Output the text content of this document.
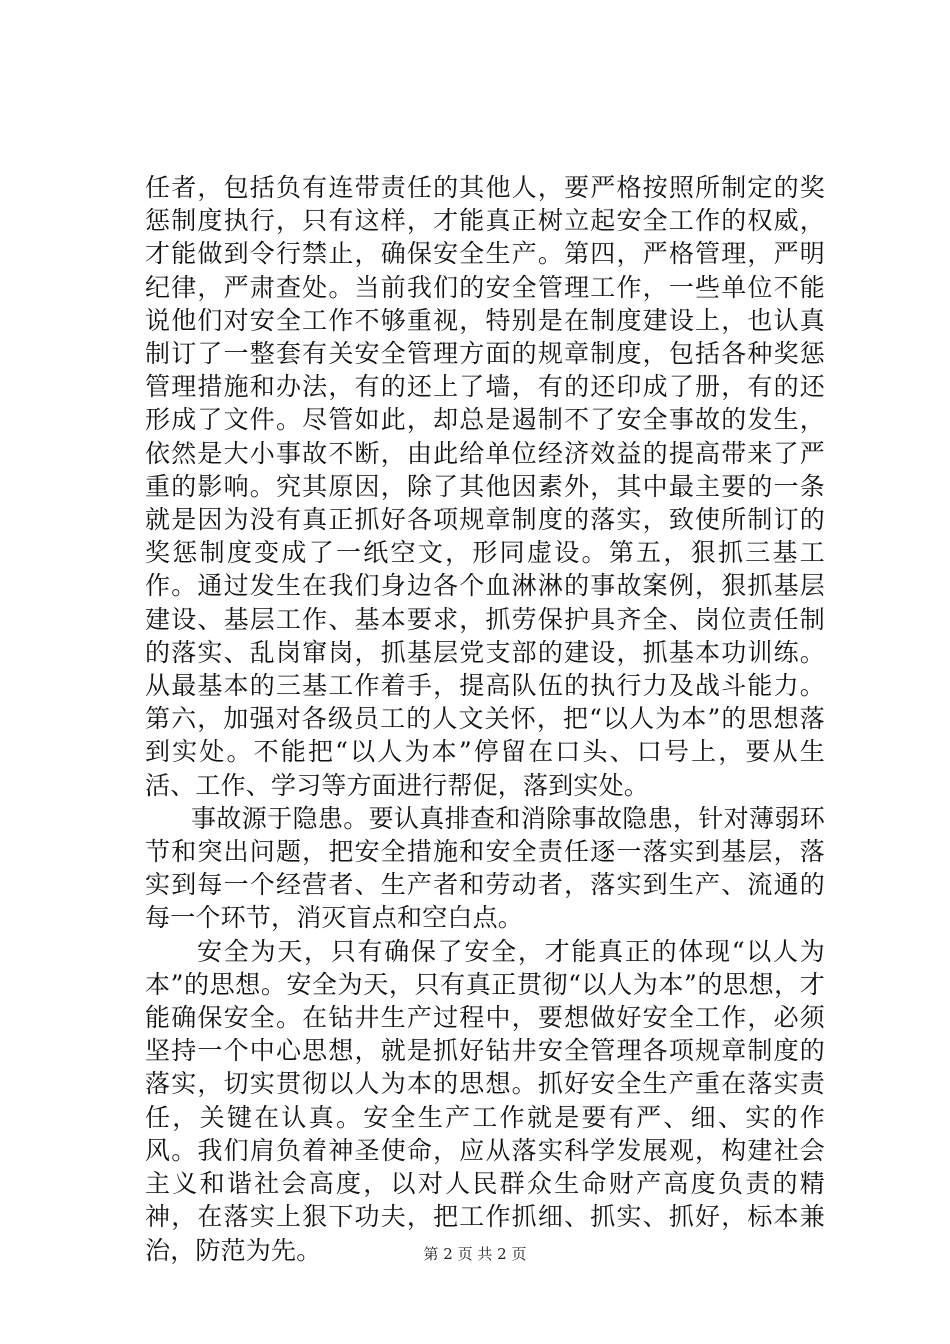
任者，包括负有连带责任的其他人，要严格按照所制定的奖惩制度执行，只有这样，才能真正树立起安全工作的权威，才能做到令行禁止，确保安全生产。第四，严格管理，严明纪律，严肃查处。当前我们的安全管理工作，一些单位不能说他们对安全工作不够重视，特别是在制度建设上，也认真制订了一整套有关安全管理方面的规章制度，包括各种奖惩管理措施和办法，有的还上了墙，有的还印成了册，有的还形成了文件。尽管如此，却总是遏制不了安全事故的发生，依然是大小事故不断，由此给单位经济效益的提高带来了严重的影响。究其原因，除了其他因素外，其中最主要的一条就是因为没有真正抓好各项规章制度的落实，致使所制订的奖惩制度变成了一纸空文，形同虚设。第五，狠抓三基工作。通过发生在我们身边各个血淋淋的事故案例，狠抓基层建设、基层工作、基本要求，抓劳保护具齐全、岗位责任制的落实、乱岗窜岗，抓基层党支部的建设，抓基本功训练。从最基本的三基工作着手，提高队伍的执行力及战斗能力。第六，加强对各级员工的人文关怀，把“以人为本”的思想落到实处。不能把“以人为本”停留在口头、口号上，要从生活、工作、学习等方面进行帮促，落到实处。

事故源于隐患。要认真排查和消除事故隐患，针对薄弱环节和突出问题，把安全措施和安全责任逐一落实到基层，落实到每一个经营者、生产者和劳动者，落实到生产、流通的每一个环节，消灭盲点和空白点。

安全为天，只有确保了安全，才能真正的体现“以人为本”的思想。安全为天，只有真正贯彻“以人为本”的思想，才能确保安全。在钻井生产过程中，要想做好安全工作，必须坚持一个中心思想，就是抓好钻井安全管理各项规章制度的落实，切实贯彻以人为本的思想。抓好安全生产重在落实责任，关键在认真。安全生产工作就是要有严、细、实的作风。我们肩负着神圣使命，应从落实科学发展观，构建社会主义和谐社会高度，以对人民群众生命财产高度负责的精神，在落实上狠下功夫，把工作抓细、抓实、抓好，标本兼治，防范为先。	第 2 页 共 2 页
